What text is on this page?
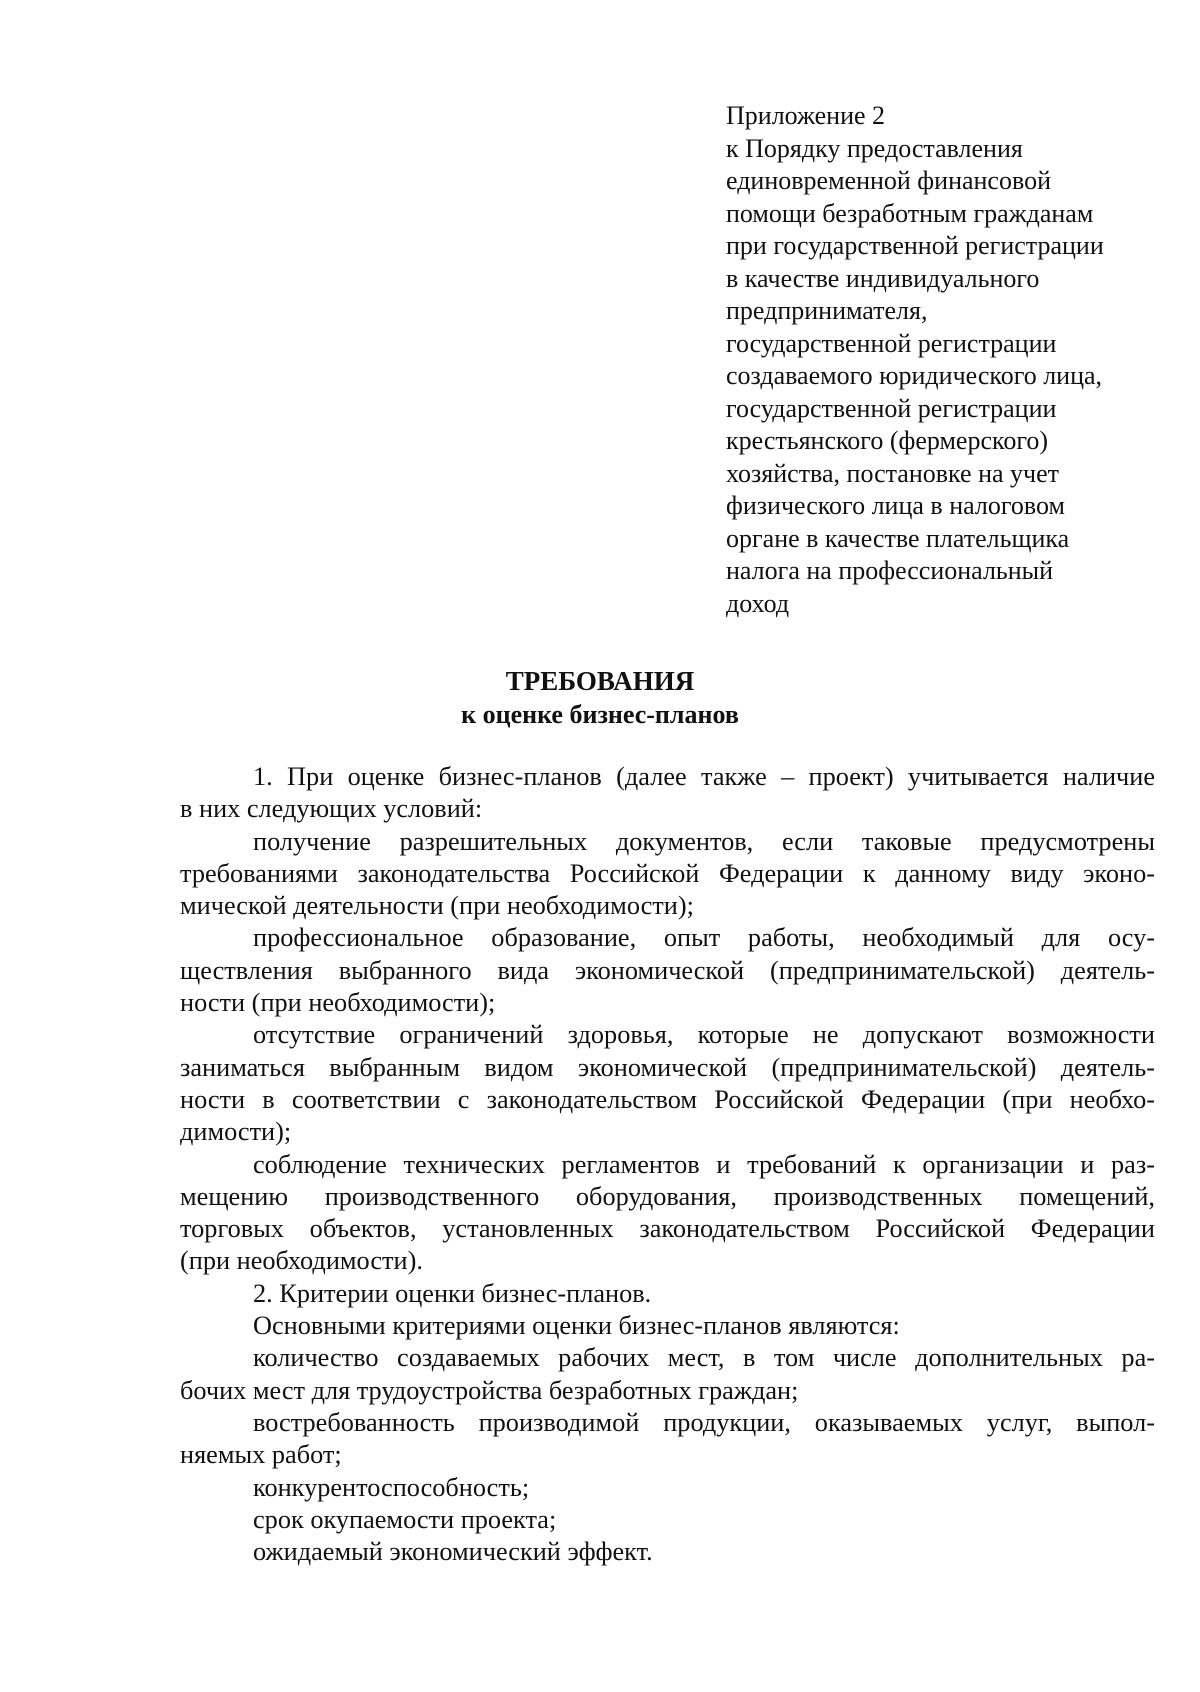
Приложение 2
к Порядку предоставления
единовременной финансовой
помощи безработным гражданам
при государственной регистрации
в качестве индивидуального
предпринимателя,
государственной регистрации
создаваемого юридического лица,
государственной регистрации
крестьянского (фермерского)
хозяйства, постановке на учет
физического лица в налоговом
органе в качестве плательщика
налога на профессиональный
доход
ТРЕБОВАНИЯ
к оценке бизнес-планов
1. При оценке бизнес-планов (далее также – проект) учитывается наличие
в них следующих условий:
получение разрешительных документов, если таковые предусмотрены
требованиями законодательства Российской Федерации к данному виду эконо-
мической деятельности (при необходимости);
профессиональное образование, опыт работы, необходимый для осу-
ществления выбранного вида экономической (предпринимательской) деятель-
ности (при необходимости);
отсутствие ограничений здоровья, которые не допускают возможности
заниматься выбранным видом экономической (предпринимательской) деятель-
ности в соответствии с законодательством Российской Федерации (при необхо-
димости);
соблюдение технических регламентов и требований к организации и раз-
мещению производственного оборудования, производственных помещений,
торговых объектов, установленных законодательством Российской Федерации
(при необходимости).
2. Критерии оценки бизнес-планов.
Основными критериями оценки бизнес-планов являются:
количество создаваемых рабочих мест, в том числе дополнительных ра-
бочих мест для трудоустройства безработных граждан;
востребованность производимой продукции, оказываемых услуг, выпол-
няемых работ;
конкурентоспособность;
срок окупаемости проекта;
ожидаемый экономический эффект.
